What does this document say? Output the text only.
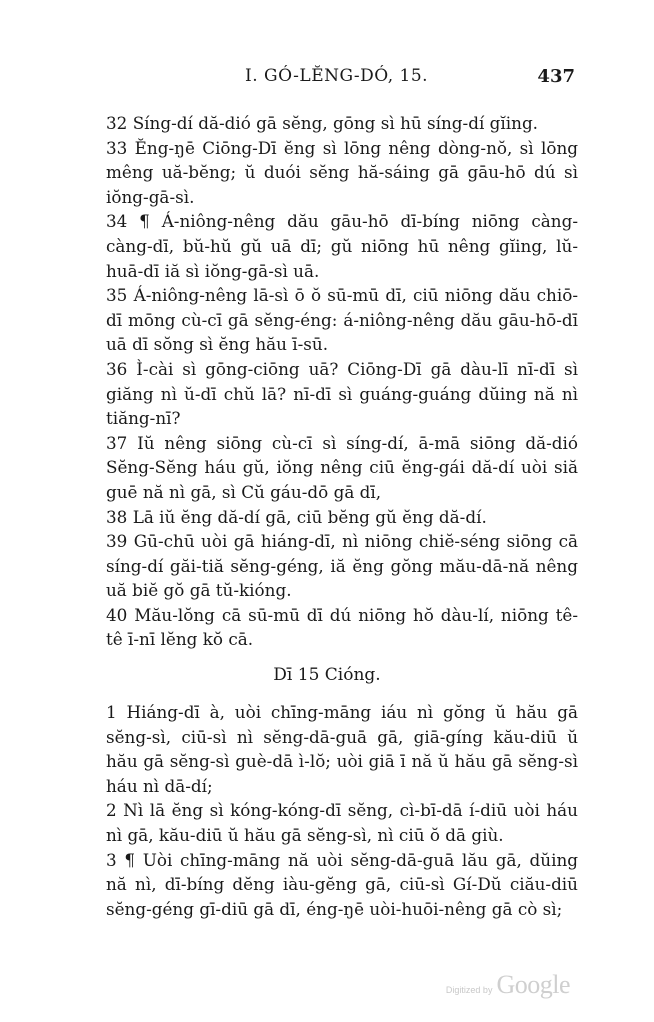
I. GÓ-LĔNG-DÓ, 15.	437

32 Síng-dí dă-dió gā sĕng, gōng sì hū síng-dí gĭing.

33 Ĕng-ŋē Ciōng-Dī ĕng sì lōng nêng dòng-nŏ, sì lōng mêng uă-bĕng; ŭ duói sĕng hă-sáing gā gāu-hō dú sì iŏng-gā-sì.

34 ¶ Á-niông-nêng dău gāu-hō dī-bíng niōng càng-càng-dī, bŭ-hŭ gŭ uā dī; gŭ niōng hū nêng gĭing, lŭ-huā-dī iă sì iŏng-gā-sì uā.

35 Á-niông-nêng lā-sì ō ŏ sū-mū dī, ciū niōng dău chiō-dī mōng cù-cī gā sĕng-éng: á-niông-nêng dău gāu-hō-dī uā dī sŏng sì ĕng hău ī-sū.

36 Ì-cài sì gōng-ciōng uā? Ciōng-Dī gā dàu-lī nī-dī sì giăng nì ŭ-dī chŭ lā? nī-dī sì guáng-guáng dŭing nă nì tiăng-nī?

37 Iŭ nêng siōng cù-cī sì síng-dí, ā-mā siōng dă-dió Sĕng-Sĕng háu gŭ, iŏng nêng ciū ĕng-gái dă-dí uòi siă guē nă nì gā, sì Cŭ gáu-dō gā dī,

38 Lā iŭ ĕng dă-dí gā, ciū bĕng gŭ ĕng dă-dí.

39 Gū-chū uòi gā hiáng-dī, nì niōng chiĕ-séng siōng cā síng-dí găi-tiă sĕng-géng, iă ĕng gŏng mău-dā-nă nêng uă biĕ gŏ gā tŭ-kióng.

40 Mău-lŏng cā sū-mū dī dú niōng hŏ dàu-lí, niōng tê-tê ī-nī lĕng kŏ cā.

Dī 15 Cióng.

1 Hiáng-dī à, uòi chīng-māng iáu nì gŏng ŭ hău gā sĕng-sì, ciū-sì nì sĕng-dā-guā gā, giā-gíng kău-diū ŭ hău gā sĕng-sì guè-dā ì-lŏ; uòi giā ī nă ŭ hău gā sĕng-sì háu nì dā-dí;

2 Nì lā ĕng sì kóng-kóng-dī sĕng, cì-bī-dā í-diū uòi háu nì gā, kău-diū ŭ hău gā sĕng-sì, nì ciū ŏ dā giù.

3 ¶ Uòi chīng-māng nă uòi sĕng-dā-guā lău gā, dŭing nă nì, dī-bíng dĕng iàu-gĕng gā, ciū-sì Gí-Dŭ ciău-diū sĕng-géng gī-diū gā dī, éng-ŋē uòi-huōi-nêng gā cò sì;

Digitized by Google
